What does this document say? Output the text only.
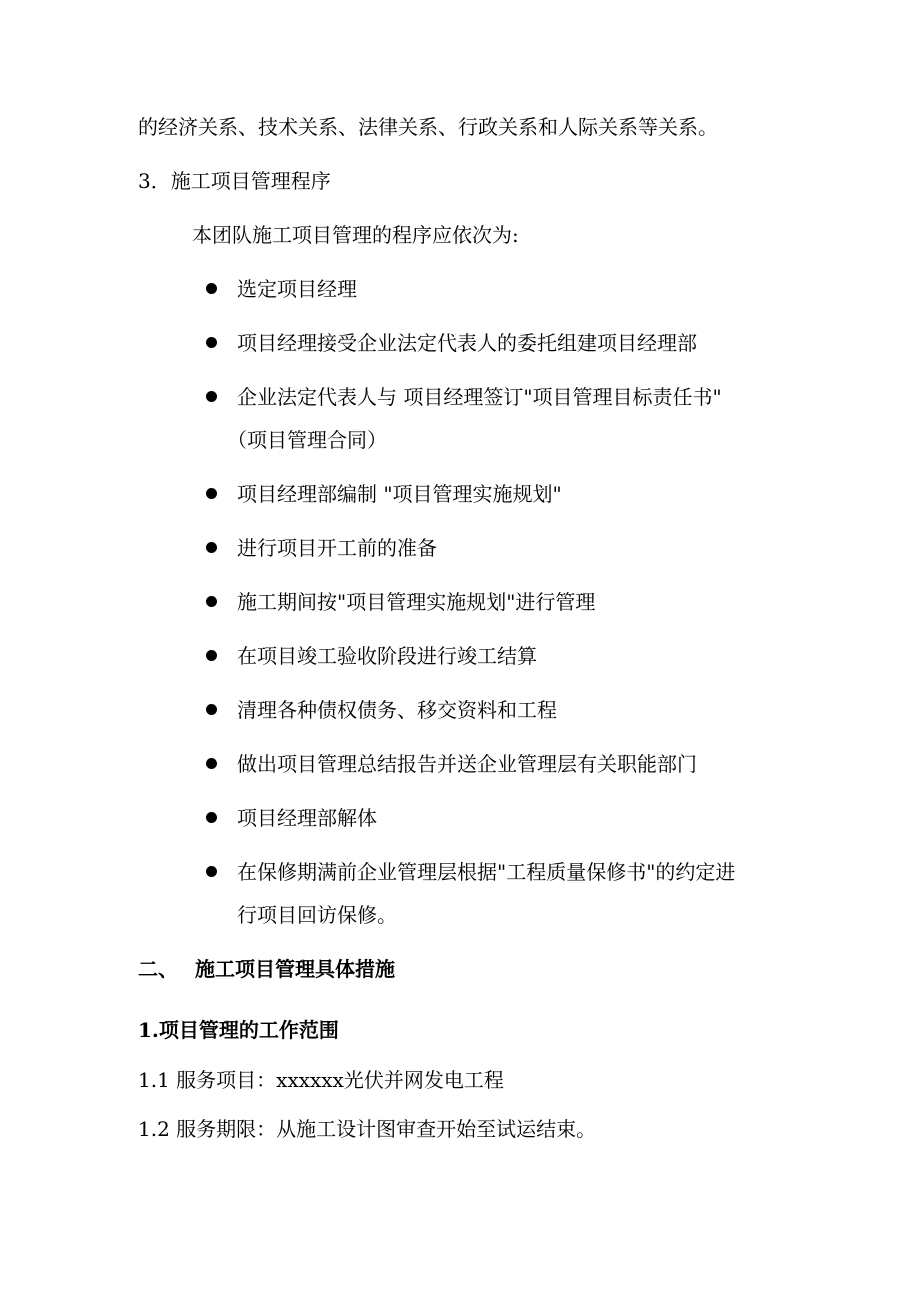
的经济关系、技术关系、法律关系、行政关系和人际关系等关系。
3．施工项目管理程序
本团队施工项目管理的程序应依次为:
选定项目经理
项目经理接受企业法定代表人的委托组建项目经理部
企业法定代表人与 项目经理签订"项目管理目标责任书"
（项目管理合同）
项目经理部编制 "项目管理实施规划"
进行项目开工前的准备
施工期间按"项目管理实施规划"进行管理
在项目竣工验收阶段进行竣工结算
清理各种债权债务、移交资料和工程
做出项目管理总结报告并送企业管理层有关职能部门
项目经理部解体
在保修期满前企业管理层根据"工程质量保修书"的约定进
行项目回访保修。
二、 施工项目管理具体措施
1.项目管理的工作范围
1.1 服务项目：xxxxxx光伏并网发电工程
1.2 服务期限：从施工设计图审查开始至试运结束。
